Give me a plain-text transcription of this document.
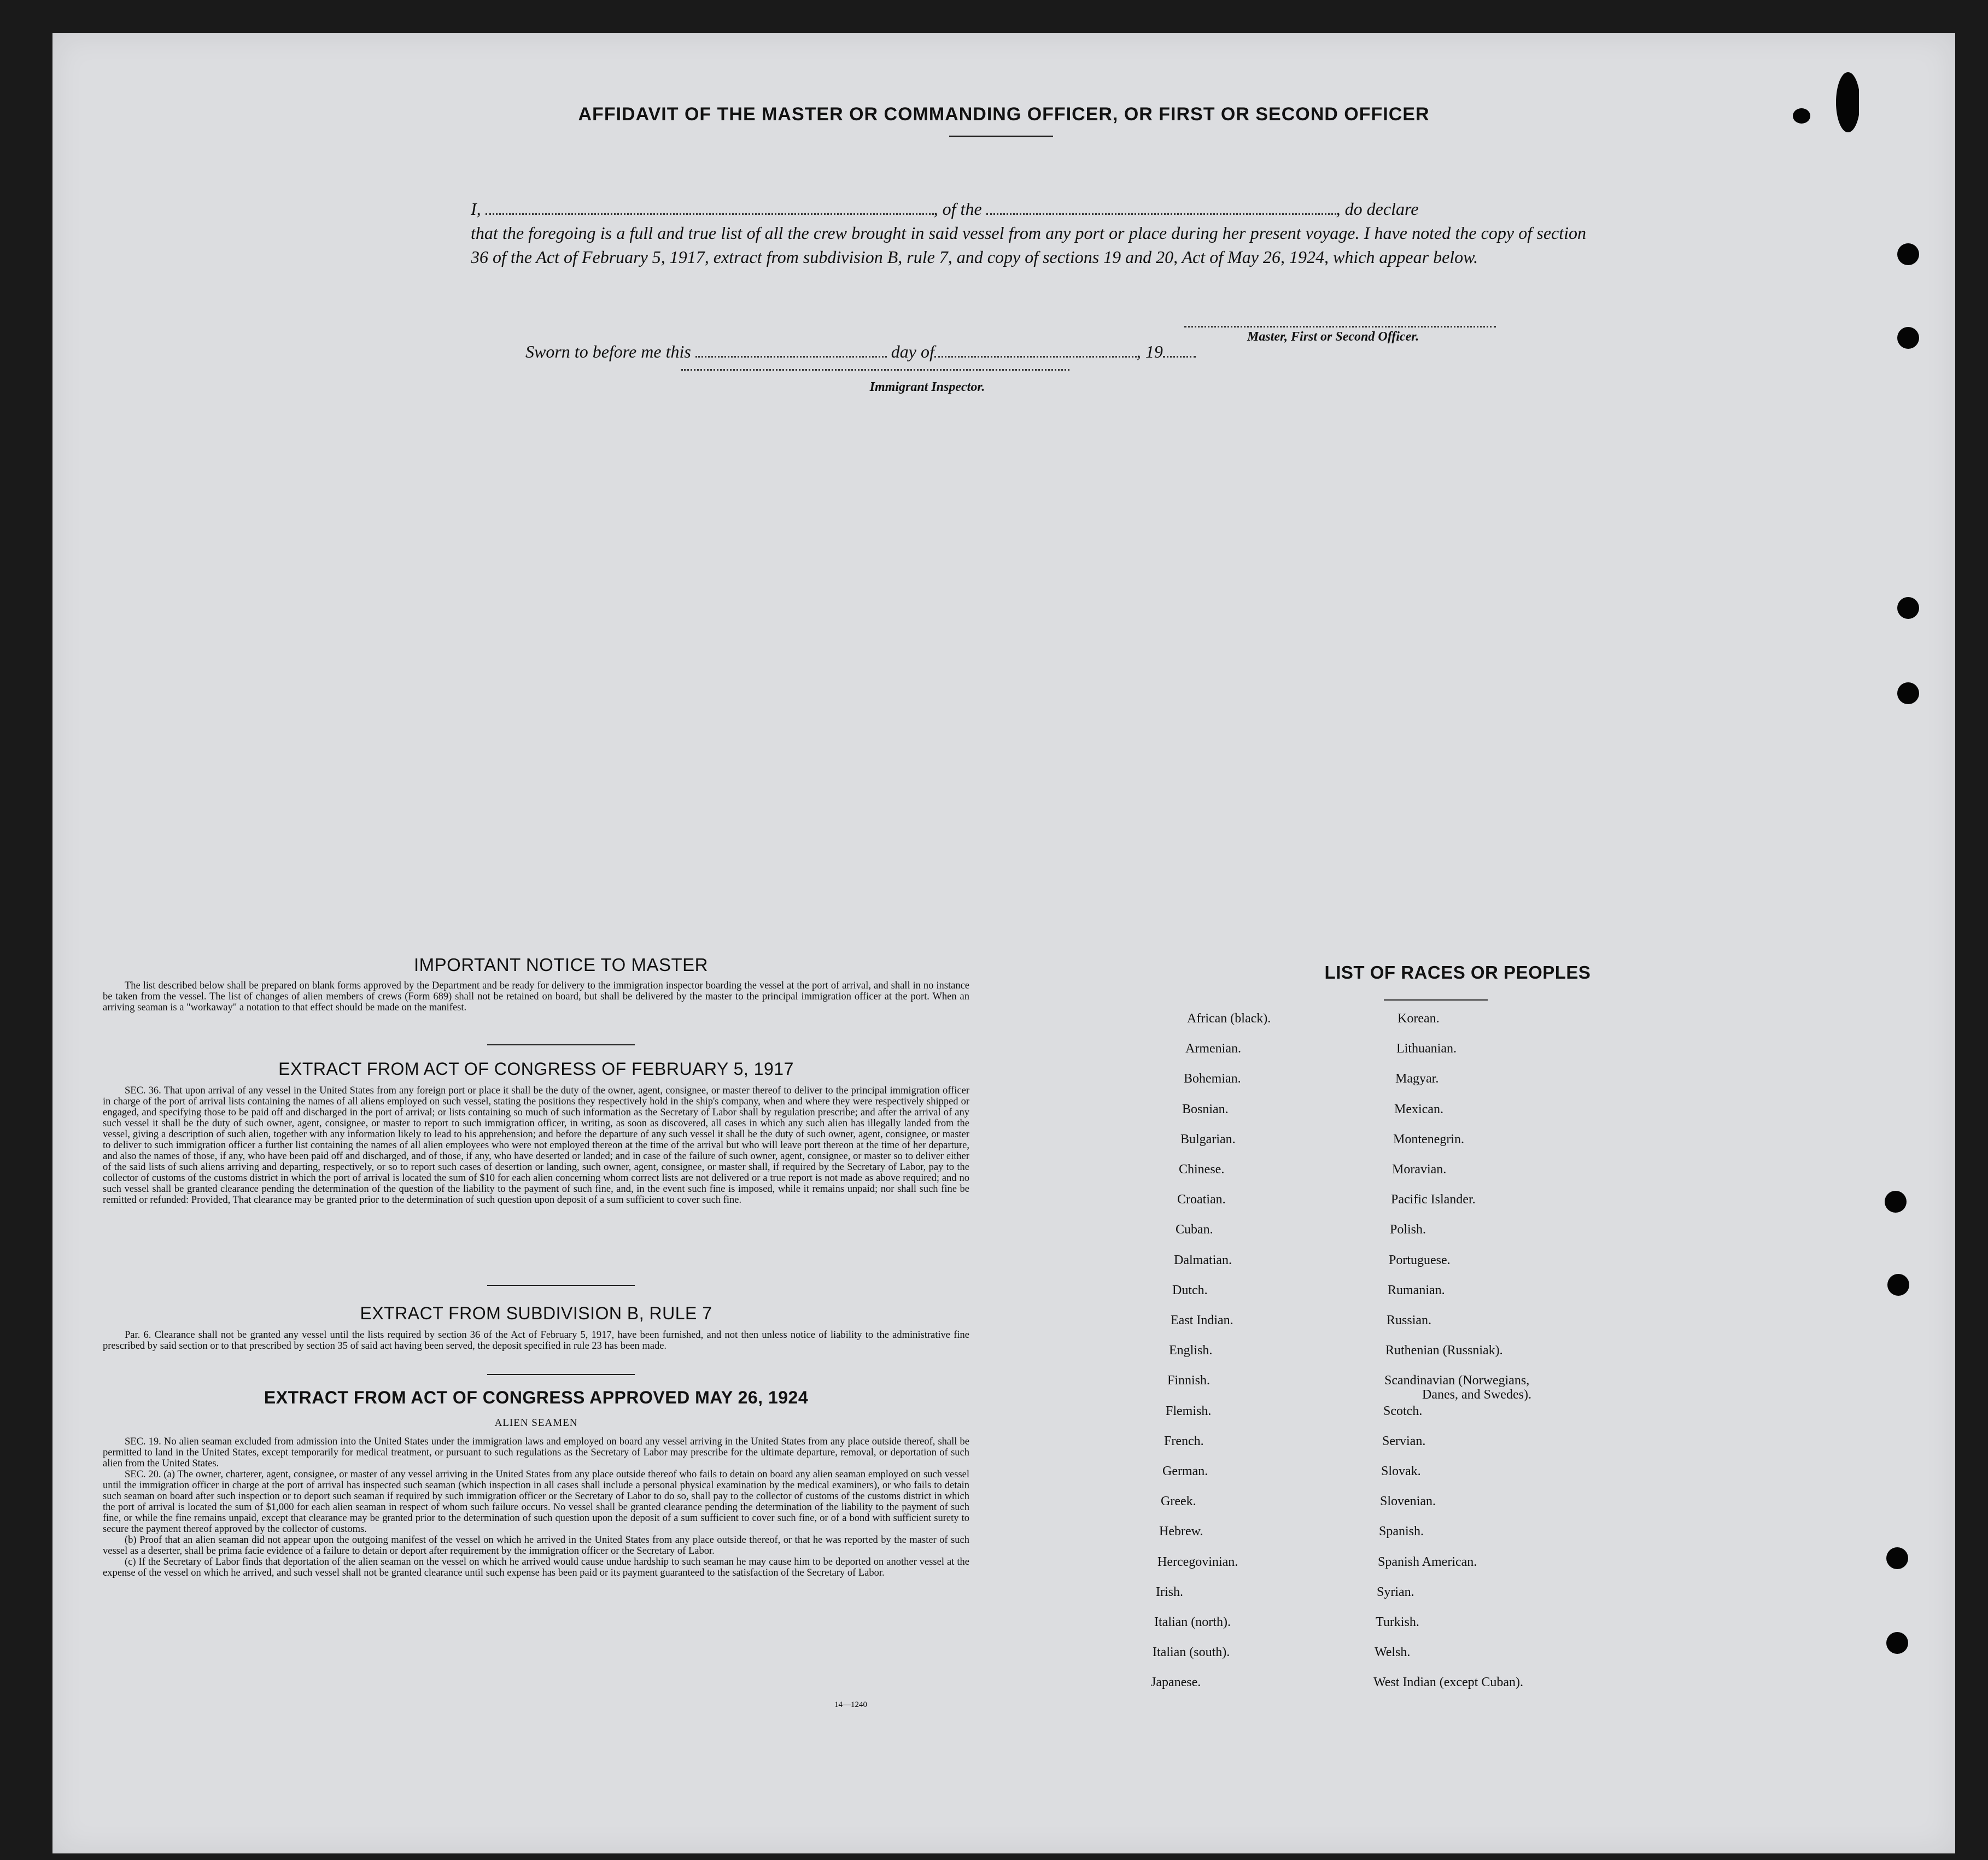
AFFIDAVIT OF THE MASTER OR COMMANDING OFFICER, OR FIRST OR SECOND OFFICER
I,	, of the	, do declare
that the foregoing is a full and true list of all the crew brought in said vessel from any port or place during her present voyage. I have noted the copy of section 36 of the Act of February 5, 1917, extract from subdivision B, rule 7, and copy of sections 19 and 20, Act of May 26, 1924, which appear below.
Master, First or Second Officer.
Sworn to before me this	day of	, 19
Immigrant Inspector.
IMPORTANT NOTICE TO MASTER

The list described below shall be prepared on blank forms approved by the Department and be ready for delivery to the immigration inspector boarding the vessel at the port of arrival, and shall in no instance be taken from the vessel. The list of changes of alien members of crews (Form 689) shall not be retained on board, but shall be delivered by the master to the principal immigration officer at the port. When an arriving seaman is a "workaway" a notation to that effect should be made on the manifest.

EXTRACT FROM ACT OF CONGRESS OF FEBRUARY 5, 1917

SEC. 36. That upon arrival of any vessel in the United States from any foreign port or place it shall be the duty of the owner, agent, consignee, or master thereof to deliver to the principal immigration officer in charge of the port of arrival lists containing the names of all aliens employed on such vessel, stating the positions they respectively hold in the ship's company, when and where they were respectively shipped or engaged, and specifying those to be paid off and discharged in the port of arrival; or lists containing so much of such information as the Secretary of Labor shall by regulation prescribe; and after the arrival of any such vessel it shall be the duty of such owner, agent, consignee, or master to report to such immigration officer, in writing, as soon as discovered, all cases in which any such alien has illegally landed from the vessel, giving a description of such alien, together with any information likely to lead to his apprehension; and before the departure of any such vessel it shall be the duty of such owner, agent, consignee, or master to deliver to such immigration officer a further list containing the names of all alien employees who were not employed thereon at the time of the arrival but who will leave port thereon at the time of her departure, and also the names of those, if any, who have been paid off and discharged, and of those, if any, who have deserted or landed; and in case of the failure of such owner, agent, consignee, or master so to deliver either of the said lists of such aliens arriving and departing, respectively, or so to report such cases of desertion or landing, such owner, agent, consignee, or master shall, if required by the Secretary of Labor, pay to the collector of customs of the customs district in which the port of arrival is located the sum of $10 for each alien concerning whom correct lists are not delivered or a true report is not made as above required; and no such vessel shall be granted clearance pending the determination of the question of the liability to the payment of such fine, and, in the event such fine is imposed, while it remains unpaid; nor shall such fine be remitted or refunded: Provided, That clearance may be granted prior to the determination of such question upon deposit of a sum sufficient to cover such fine.

EXTRACT FROM SUBDIVISION B, RULE 7

Par. 6. Clearance shall not be granted any vessel until the lists required by section 36 of the Act of February 5, 1917, have been furnished, and not then unless notice of liability to the administrative fine prescribed by said section or to that prescribed by section 35 of said act having been served, the deposit specified in rule 23 has been made.

EXTRACT FROM ACT OF CONGRESS APPROVED MAY 26, 1924
ALIEN SEAMEN

SEC. 19. No alien seaman excluded from admission into the United States under the immigration laws and employed on board any vessel arriving in the United States from any place outside thereof, shall be permitted to land in the United States, except temporarily for medical treatment, or pursuant to such regulations as the Secretary of Labor may prescribe for the ultimate departure, removal, or deportation of such alien from the United States.

SEC. 20. (a) The owner, charterer, agent, consignee, or master of any vessel arriving in the United States from any place outside thereof who fails to detain on board any alien seaman employed on such vessel until the immigration officer in charge at the port of arrival has inspected such seaman (which inspection in all cases shall include a personal physical examination by the medical examiners), or who fails to detain such seaman on board after such inspection or to deport such seaman if required by such immigration officer or the Secretary of Labor to do so, shall pay to the collector of customs of the customs district in which the port of arrival is located the sum of $1,000 for each alien seaman in respect of whom such failure occurs. No vessel shall be granted clearance pending the determination of the liability to the payment of such fine, or while the fine remains unpaid, except that clearance may be granted prior to the determination of such question upon the deposit of a sum sufficient to cover such fine, or of a bond with sufficient surety to secure the payment thereof approved by the collector of customs.

(b) Proof that an alien seaman did not appear upon the outgoing manifest of the vessel on which he arrived in the United States from any place outside thereof, or that he was reported by the master of such vessel as a deserter, shall be prima facie evidence of a failure to detain or deport after requirement by the immigration officer or the Secretary of Labor.

(c) If the Secretary of Labor finds that deportation of the alien seaman on the vessel on which he arrived would cause undue hardship to such seaman he may cause him to be deported on another vessel at the expense of the vessel on which he arrived, and such vessel shall not be granted clearance until such expense has been paid or its payment guaranteed to the satisfaction of the Secretary of Labor.

14—1240
LIST OF RACES OR PEOPLES
African (black).
Armenian.
Bohemian.
Bosnian.
Bulgarian.
Chinese.
Croatian.
Cuban.
Dalmatian.
Dutch.
East Indian.
English.
Finnish.
Flemish.
French.
German.
Greek.
Hebrew.
Hercegovinian.
Irish.
Italian (north).
Italian (south).
Japanese.
Korean.
Lithuanian.
Magyar.
Mexican.
Montenegrin.
Moravian.
Pacific Islander.
Polish.
Portuguese.
Rumanian.
Russian.
Ruthenian (Russniak).
Scandinavian (Norwegians,
Danes, and Swedes).
Scotch.
Servian.
Slovak.
Slovenian.
Spanish.
Spanish American.
Syrian.
Turkish.
Welsh.
West Indian (except Cuban).
